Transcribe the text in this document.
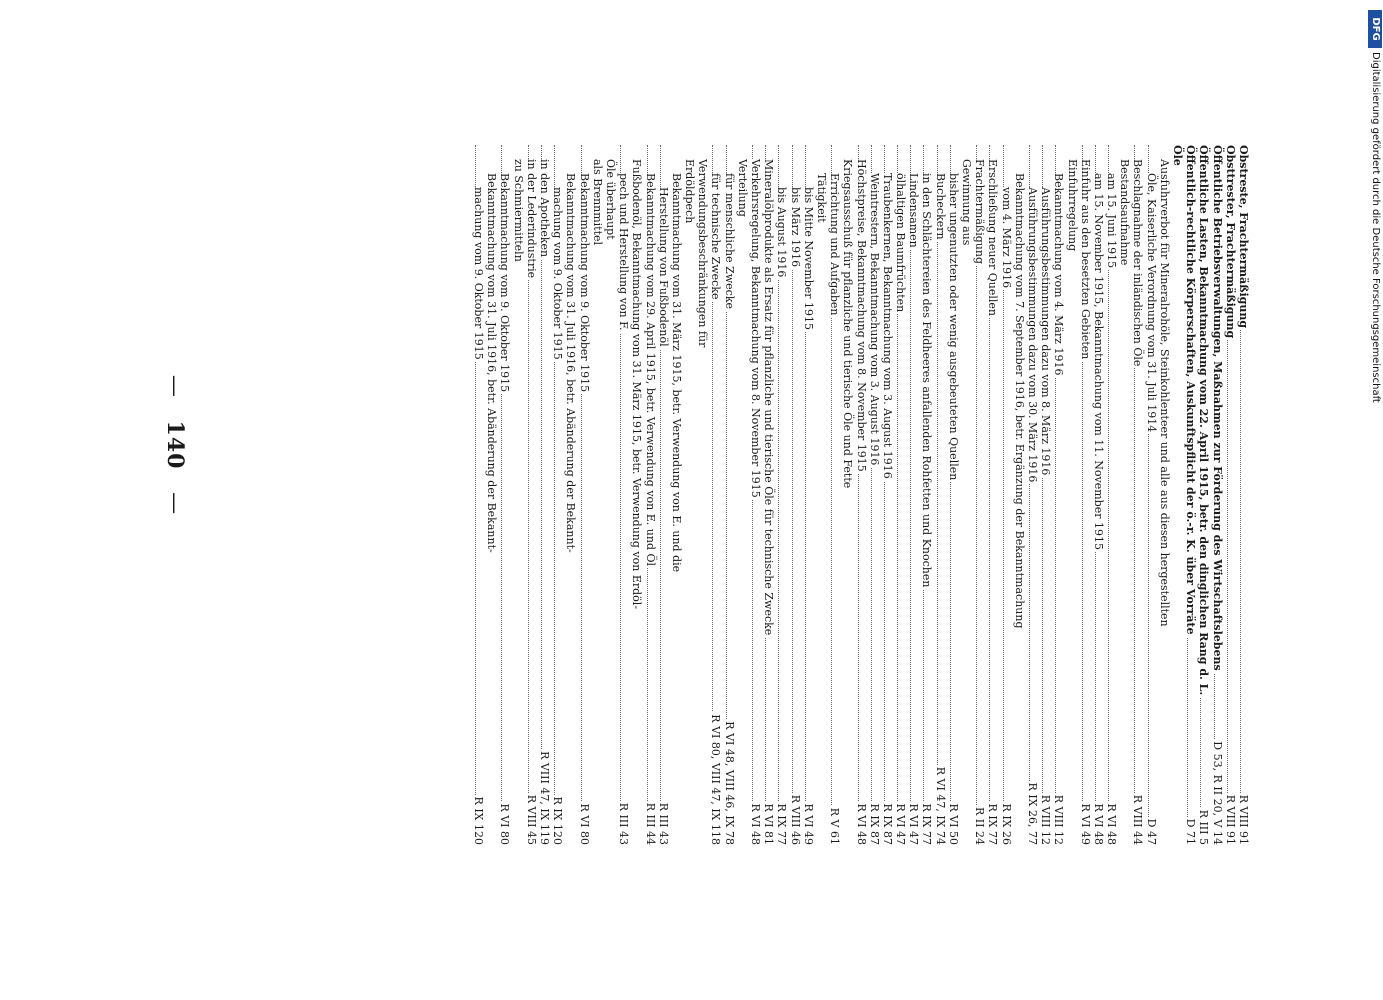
Obstreste, Frachtermäßigung
R VIII 91
Obsttrester, Frachtermäßigung
R VIII 91
Öffentliche Betriebsverwaltungen, Maßnahmen zur Förderung des Wirtschaftslebens
D 53, R II 20, V 14
Öffentliche Lasten, Bekanntmachung vom 22. April 1915, betr. den dinglichen Rang d. L.
R III 5
Öffentlich-rechtliche Körperschaften, Auskunftspflicht der ö.-r. K. über Vorräte
D 71
Öle
Ausfuhrverbot für Mineralrohöle, Steinkohlenteer und alle aus diesen hergestellten
Öle, Kaiserliche Verordnung vom 31. Juli 1914
D 47
Beschlagnahme der inländischen Öle
R VIII 44
Bestandsaufnahme
am 15. Juni 1915
R VI 48
am 15. November 1915, Bekanntmachung vom 11. November 1915
R VI 48
Einfuhr aus den besetzten Gebieten
R VI 49
Einfuhrregelung
Bekanntmachung vom 4. März 1916
R VIII 12
Ausführungsbestimmungen dazu vom 8. März 1916
R VIII 12
Ausführungsbestimmungen dazu vom 30. März 1916
R IX 26, 77
Bekanntmachung vom 7. September 1916, betr. Ergänzung der Bekanntmachung
vom 4. März 1916
R IX 26
Erschließung neuer Quellen
R IX 77
Frachtermäßigung
R II 24
Gewinnung aus
bisher ungenutzten oder wenig ausgebeuteten Quellen
R VI 50
Bucheckern
R VI 47, IX 74
in den Schlächtereien des Feldheeres anfallenden Rohfetten und Knochen
R IX 77
Lindensamen
R VI 47
ölhaltigen Baumfrüchten
R VI 47
Traubenkernen, Bekanntmachung vom 3. August 1916
R IX 87
Weintrestern, Bekanntmachung vom 3. August 1916
R IX 87
Höchstpreise, Bekanntmachung vom 8. November 1915
R VI 48
Kriegsausschuß für pflanzliche und tierische Öle und Fette
Errichtung und Aufgaben
R V 61
Tätigkeit
bis Mitte November 1915
R VI 49
bis März 1916
R VIII 46
bis August 1916
R IX 77
Mineralölprodukte als Ersatz für pflanzliche und tierische Öle für technische Zwecke
R VI 81
Verkehrsregelung, Bekanntmachung vom 8. November 1915
R VI 48
Verteilung
für menschliche Zwecke
R VI 48, VIII 46, IX 78
für technische Zwecke
R VI 80, VIII 47, IX 118
Verwendungsbeschränkungen für
Erdöldpech
Bekanntmachung vom 31. März 1915, betr. Verwendung von E. und die
Herstellung von Fußbodenöl
R III 43
Bekanntmachung vom 29. April 1915, betr. Verwendung von E. und Öl
R III 44
Fußbodenöl, Bekanntmachung vom 31. März 1915, betr. Verwendung von Erdöl-
pech und Herstellung von F.
R III 43
Öle überhaupt
als Brennmittel
Bekanntmachung vom 9. Oktober 1915
R VI 80
Bekanntmachung vom 31. Juli 1916, betr. Abänderung der Bekannt-
machung vom 9. Oktober 1915
R IX 120
in den Apotheken
R VIII 47, IX 119
in der Lederindustrie
R VIII 45
zu Schmiermitteln
Bekanntmachung vom 9. Oktober 1915
R VI 80
Bekanntmachung vom 31. Juli 1916, betr. Abänderung der Bekannt-
machung vom 9. Oktober 1915
R IX 120
— 140 —
DFG
Digitalisierung gefördert durch die Deutsche Forschungsgemeinschaft
